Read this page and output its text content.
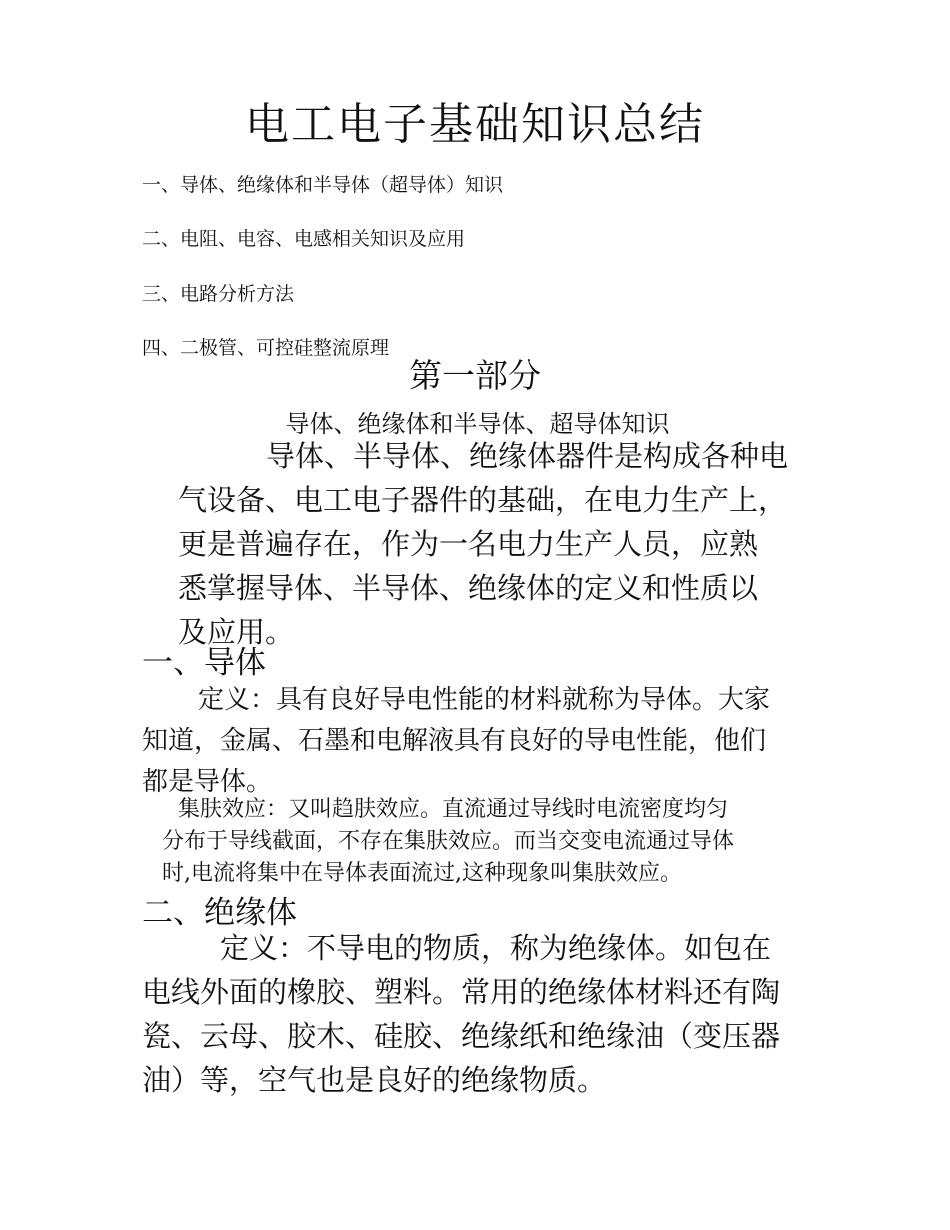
电工电子基础知识总结
一、导体、绝缘体和半导体（超导体）知识
二、电阻、电容、电感相关知识及应用
三、电路分析方法
四、二极管、可控硅整流原理
第一部分
导体、绝缘体和半导体、超导体知识
导体、半导体、绝缘体器件是构成各种电
气设备、电工电子器件的基础，在电力生产上，
更是普遍存在，作为一名电力生产人员，应熟
悉掌握导体、半导体、绝缘体的定义和性质以
及应用。
一、导体
定义：具有良好导电性能的材料就称为导体。大家
知道，金属、石墨和电解液具有良好的导电性能，他们
都是导体。
集肤效应：又叫趋肤效应。直流通过导线时电流密度均匀
分布于导线截面，不存在集肤效应。而当交变电流通过导体
时,电流将集中在导体表面流过,这种现象叫集肤效应。
二、绝缘体
定义：不导电的物质，称为绝缘体。如包在
电线外面的橡胶、塑料。常用的绝缘体材料还有陶
瓷、云母、胶木、硅胶、绝缘纸和绝缘油（变压器
油）等，空气也是良好的绝缘物质。
